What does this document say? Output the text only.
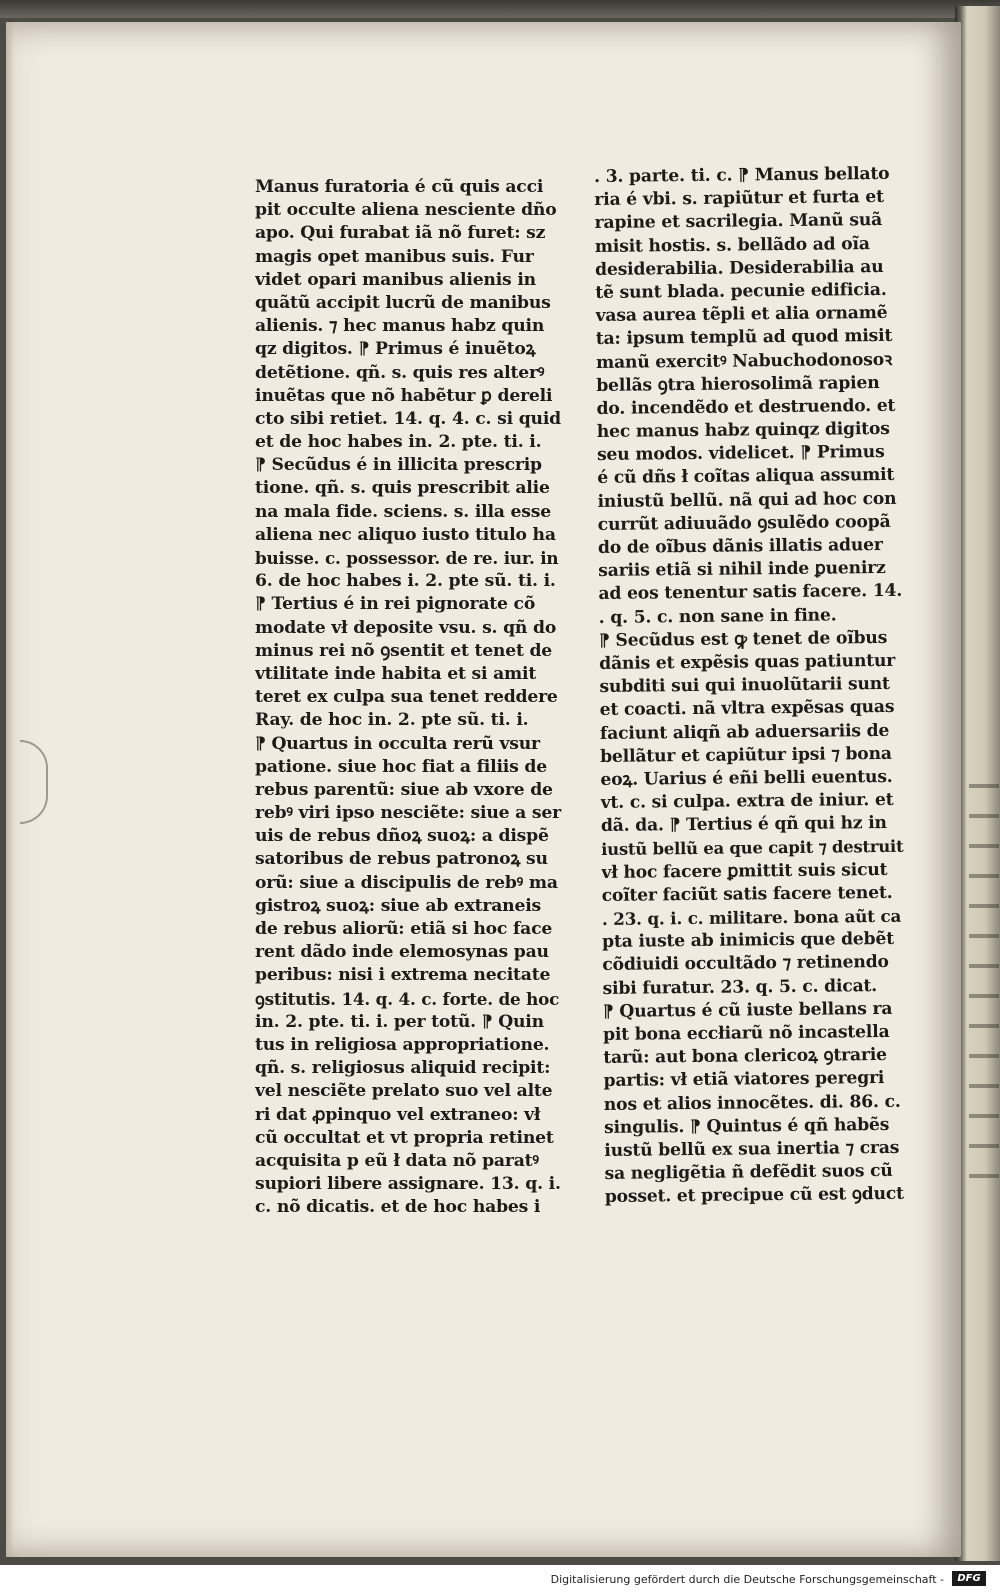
Manus furatoria é cũ quis acci
pit occulte aliena nesciente dño
apo. Qui furabat iã nõ furet: sz
magis opet manibus suis. Fur
videt opari manibus alienis in
quãtũ accipit lucrũ de manibus
alienis. ⁊ hec manus habz quin
qz digitos. ⁋ Primus é inuẽtoꝝ
detẽtione. qñ. s. quis res alterꝰ
inuẽtas que nõ habẽtur ꝑ dereli
cto sibi retiet. 14. q. 4. c. si quid
et de hoc habes in. 2. pte. ti. i.
⁋ Secũdus é in illicita prescrip
tione. qñ. s. quis prescribit alie
na mala fide. sciens. s. illa esse
aliena nec aliquo iusto titulo ha
buisse. c. possessor. de re. iur. in
6. de hoc habes i. 2. pte sũ. ti. i.
⁋ Tertius é in rei pignorate cõ
modate vł deposite vsu. s. qñ do
minus rei nõ ꝯsentit et tenet de
vtilitate inde habita et si amit
teret ex culpa sua tenet reddere
Ray. de hoc in. 2. pte sũ. ti. i.
⁋ Quartus in occulta rerũ vsur
patione. siue hoc fiat a filiis de
rebus parentũ: siue ab vxore de
rebꝰ viri ipso nesciẽte: siue a ser
uis de rebus dñoꝝ suoꝝ: a dispẽ
satoribus de rebus patronoꝝ su
orũ: siue a discipulis de rebꝰ ma
gistroꝝ suoꝝ: siue ab extraneis
de rebus aliorũ: etiã si hoc face
rent dãdo inde elemosynas pau
peribus: nisi i extrema necitate
ꝯstitutis. 14. q. 4. c. forte. de hoc
in. 2. pte. ti. i. per totũ. ⁋ Quin
tus in religiosa appropriatione.
qñ. s. religiosus aliquid recipit:
vel nesciẽte prelato suo vel alte
ri dat ꝓpinquo vel extraneo: vł
cũ occultat et vt propria retinet
acquisita p eũ ł data nõ paratꝰ
supiori libere assignare. 13. q. i.
c. nõ dicatis. et de hoc habes i
. 3. parte. ti. c. ⁋ Manus bellato
ria é vbi. s. rapiũtur et furta et
rapine et sacrilegia. Manũ suã
misit hostis. s. bellãdo ad oĩa
desiderabilia. Desiderabilia au
tẽ sunt blada. pecunie edificia.
vasa aurea tẽpli et alia ornamẽ
ta: ipsum templũ ad quod misit
manũ exercitꝰ Nabuchodonosoꝛ
bellãs ꝯtra hierosolimã rapien
do. incendẽdo et destruendo. et
hec manus habz quinqz digitos
seu modos. videlicet. ⁋ Primus
é cũ dñs ł coĩtas aliqua assumit
iniustũ bellũ. nã qui ad hoc con
currũt adiuuãdo ꝯsulẽdo coopã
do de oĩbus dãnis illatis aduer
sariis etiã si nihil inde ꝑuenirz
ad eos tenentur satis facere. 14.
. q. 5. c. non sane in fine.
⁋ Secũdus est ꝙ tenet de oĩbus
dãnis et expẽsis quas patiuntur
subditi sui qui inuolũtarii sunt
et coacti. nã vltra expẽsas quas
faciunt aliqñ ab aduersariis de
bellãtur et capiũtur ipsi ⁊ bona
eoꝝ. Uarius é eñi belli euentus.
vt. c. si culpa. extra de iniur. et
dã. da. ⁋ Tertius é qñ qui hz in
iustũ bellũ ea que capit ⁊ destruit
vł hoc facere ꝑmittit suis sicut
coĩter faciũt satis facere tenet.
. 23. q. i. c. militare. bona aũt ca
pta iuste ab inimicis que debẽt
cõdiuidi occultãdo ⁊ retinendo
sibi furatur. 23. q. 5. c. dicat.
⁋ Quartus é cũ iuste bellans ra
pit bona eccłiarũ nõ incastella
tarũ: aut bona clericoꝝ ꝯtrarie
partis: vł etiã viatores peregri
nos et alios innocẽtes. di. 86. c.
singulis. ⁋ Quintus é qñ habẽs
iustũ bellũ ex sua inertia ⁊ cras
sa negligẽtia ñ defẽdit suos cũ
posset. et precipue cũ est ꝯduct
Digitalisierung gefördert durch die Deutsche Forschungsgemeinschaft -	DFG
